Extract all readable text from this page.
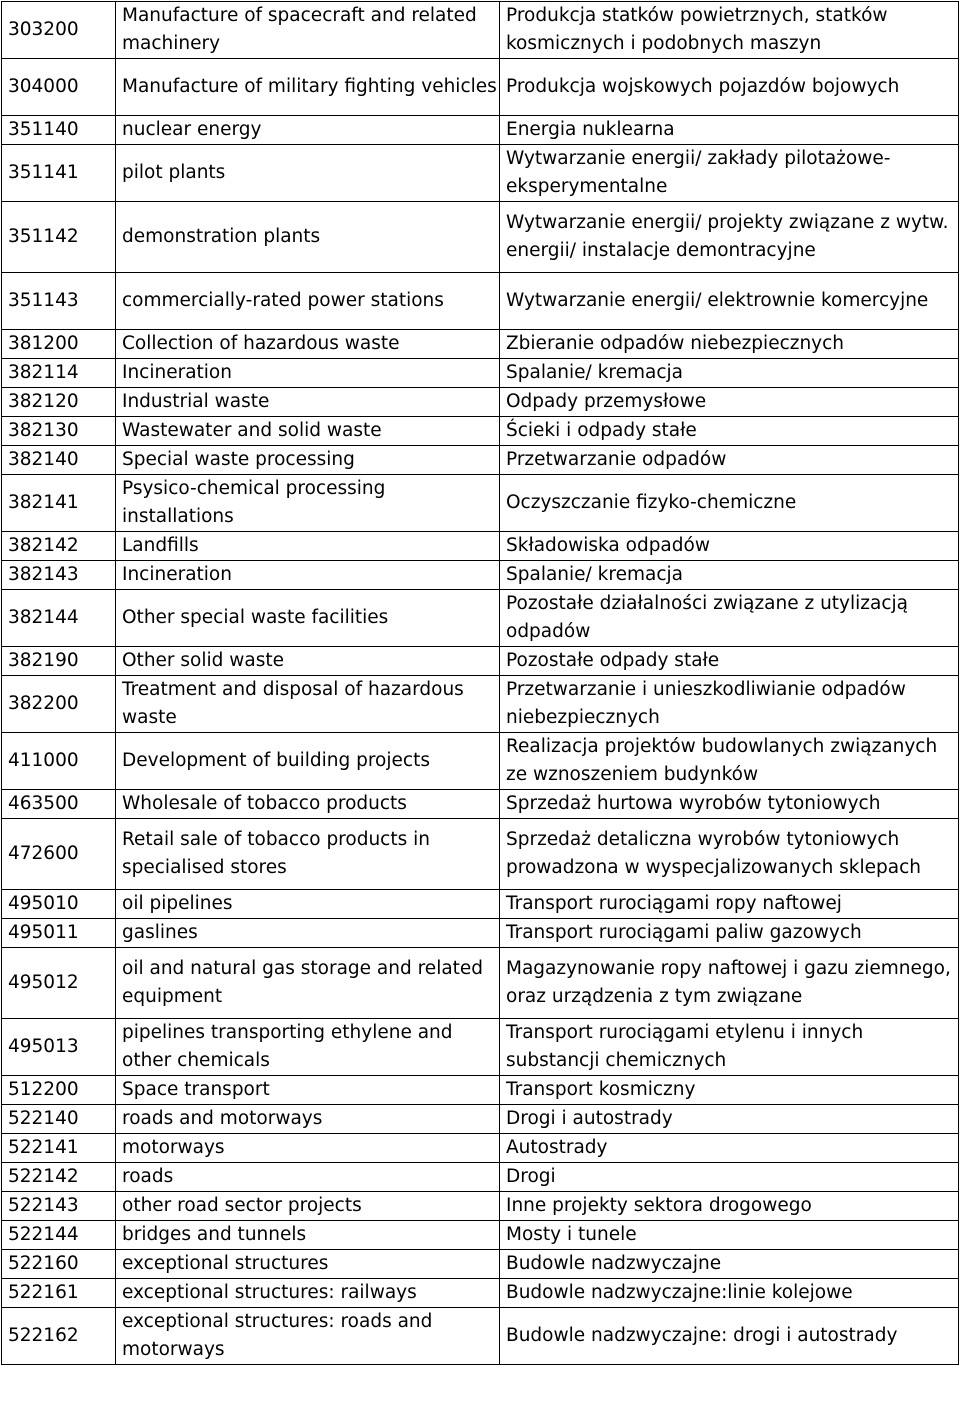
303200	Manufacture of spacecraft and related machinery	Produkcja statków powietrznych, statków kosmicznych i podobnych maszyn
304000	Manufacture of military fighting vehicles	Produkcja wojskowych pojazdów bojowych
351140	nuclear energy	Energia nuklearna
351141	pilot plants	Wytwarzanie energii/ zakłady pilotażowe-eksperymentalne
351142	demonstration plants	Wytwarzanie energii/ projekty związane z wytw. energii/ instalacje demontracyjne
351143	commercially-rated power stations	Wytwarzanie energii/ elektrownie komercyjne
381200	Collection of hazardous waste	Zbieranie odpadów niebezpiecznych
382114	Incineration	Spalanie/ kremacja
382120	Industrial waste	Odpady przemysłowe
382130	Wastewater and solid waste	Ścieki i odpady stałe
382140	Special waste processing	Przetwarzanie odpadów
382141	Psysico-chemical processing installations	Oczyszczanie fizyko-chemiczne
382142	Landfills	Składowiska odpadów
382143	Incineration	Spalanie/ kremacja
382144	Other special waste facilities	Pozostałe działalności związane z utylizacją odpadów
382190	Other solid waste	Pozostałe odpady stałe
382200	Treatment and disposal of hazardous waste	Przetwarzanie i unieszkodliwianie odpadów niebezpiecznych
411000	Development of building projects	Realizacja projektów budowlanych związanych ze wznoszeniem budynków
463500	Wholesale of tobacco products	Sprzedaż hurtowa wyrobów tytoniowych
472600	Retail sale of tobacco products in specialised stores	Sprzedaż detaliczna wyrobów tytoniowych prowadzona w wyspecjalizowanych sklepach
495010	oil pipelines	Transport rurociągami ropy naftowej
495011	gaslines	Transport rurociągami paliw gazowych
495012	oil and natural gas storage and related equipment	Magazynowanie ropy naftowej i gazu ziemnego, oraz urządzenia z tym związane
495013	pipelines transporting ethylene and other chemicals	Transport rurociągami etylenu i innych substancji chemicznych
512200	Space transport	Transport kosmiczny
522140	roads and motorways	Drogi i autostrady
522141	motorways	Autostrady
522142	roads	Drogi
522143	other road sector projects	Inne projekty sektora drogowego
522144	bridges and tunnels	Mosty i tunele
522160	exceptional structures	Budowle nadzwyczajne
522161	exceptional structures: railways	Budowle nadzwyczajne:linie kolejowe
522162	exceptional structures: roads and motorways	Budowle nadzwyczajne: drogi i autostrady
